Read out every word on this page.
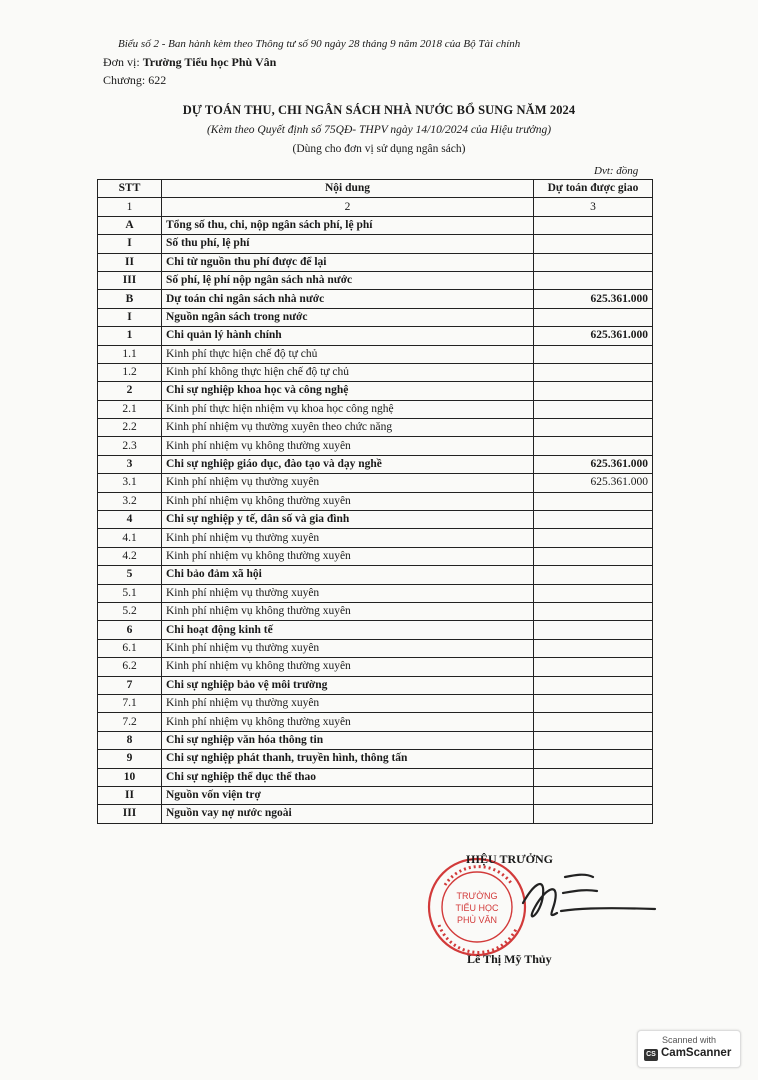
Biểu số 2 - Ban hành kèm theo Thông tư số 90 ngày 28 tháng 9 năm 2018 của Bộ Tài chính
Đơn vị: Trường Tiểu học Phù Vân
Chương: 622
DỰ TOÁN THU, CHI NGÂN SÁCH NHÀ NƯỚC BỔ SUNG NĂM 2024
(Kèm theo Quyết định số 75QĐ- THPV ngày 14/10/2024 của Hiệu trưởng)
(Dùng cho đơn vị sử dụng ngân sách)
Dvt: đồng
STT	Nội dung	Dự toán được giao
1	2	3
A	Tổng số thu, chi, nộp ngân sách phí, lệ phí	
I	Số thu phí, lệ phí	
II	Chi từ nguồn thu phí được để lại	
III	Số phí, lệ phí nộp ngân sách nhà nước	
B	Dự toán chi ngân sách nhà nước	625.361.000
I	Nguồn ngân sách trong nước	
1	Chi quản lý hành chính	625.361.000
1.1	Kinh phí thực hiện chế độ tự chủ	
1.2	Kinh phí không thực hiện chế độ tự chủ	
2	Chi sự nghiệp khoa học và công nghệ	
2.1	Kinh phí thực hiện nhiệm vụ khoa học công nghệ	
2.2	Kinh phí nhiệm vụ thường xuyên theo chức năng	
2.3	Kinh phí nhiệm vụ không thường xuyên	
3	Chi sự nghiệp giáo dục, đào tạo và dạy nghề	625.361.000
3.1	Kinh phí nhiệm vụ thường xuyên	625.361.000
3.2	Kinh phí nhiệm vụ không thường xuyên	
4	Chi sự nghiệp y tế, dân số và gia đình	
4.1	Kinh phí nhiệm vụ thường xuyên	
4.2	Kinh phí nhiệm vụ không thường xuyên	
5	Chi bảo đảm xã hội	
5.1	Kinh phí nhiệm vụ thường xuyên	
5.2	Kinh phí nhiệm vụ không thường xuyên	
6	Chi hoạt động kinh tế	
6.1	Kinh phí nhiệm vụ thường xuyên	
6.2	Kinh phí nhiệm vụ không thường xuyên	
7	Chi sự nghiệp bảo vệ môi trường	
7.1	Kinh phí nhiệm vụ thường xuyên	
7.2	Kinh phí nhiệm vụ không thường xuyên	
8	Chi sự nghiệp văn hóa thông tin	
9	Chi sự nghiệp phát thanh, truyền hình, thông tấn	
10	Chi sự nghiệp thể dục thể thao	
II	Nguồn vốn viện trợ	
III	Nguồn vay nợ nước ngoài	
TRƯỜNG
TIỂU HỌC
PHÙ VÂN
HIỆU TRƯỞNG
Lê Thị Mỹ Thủy
Scanned with
CS CamScanner
